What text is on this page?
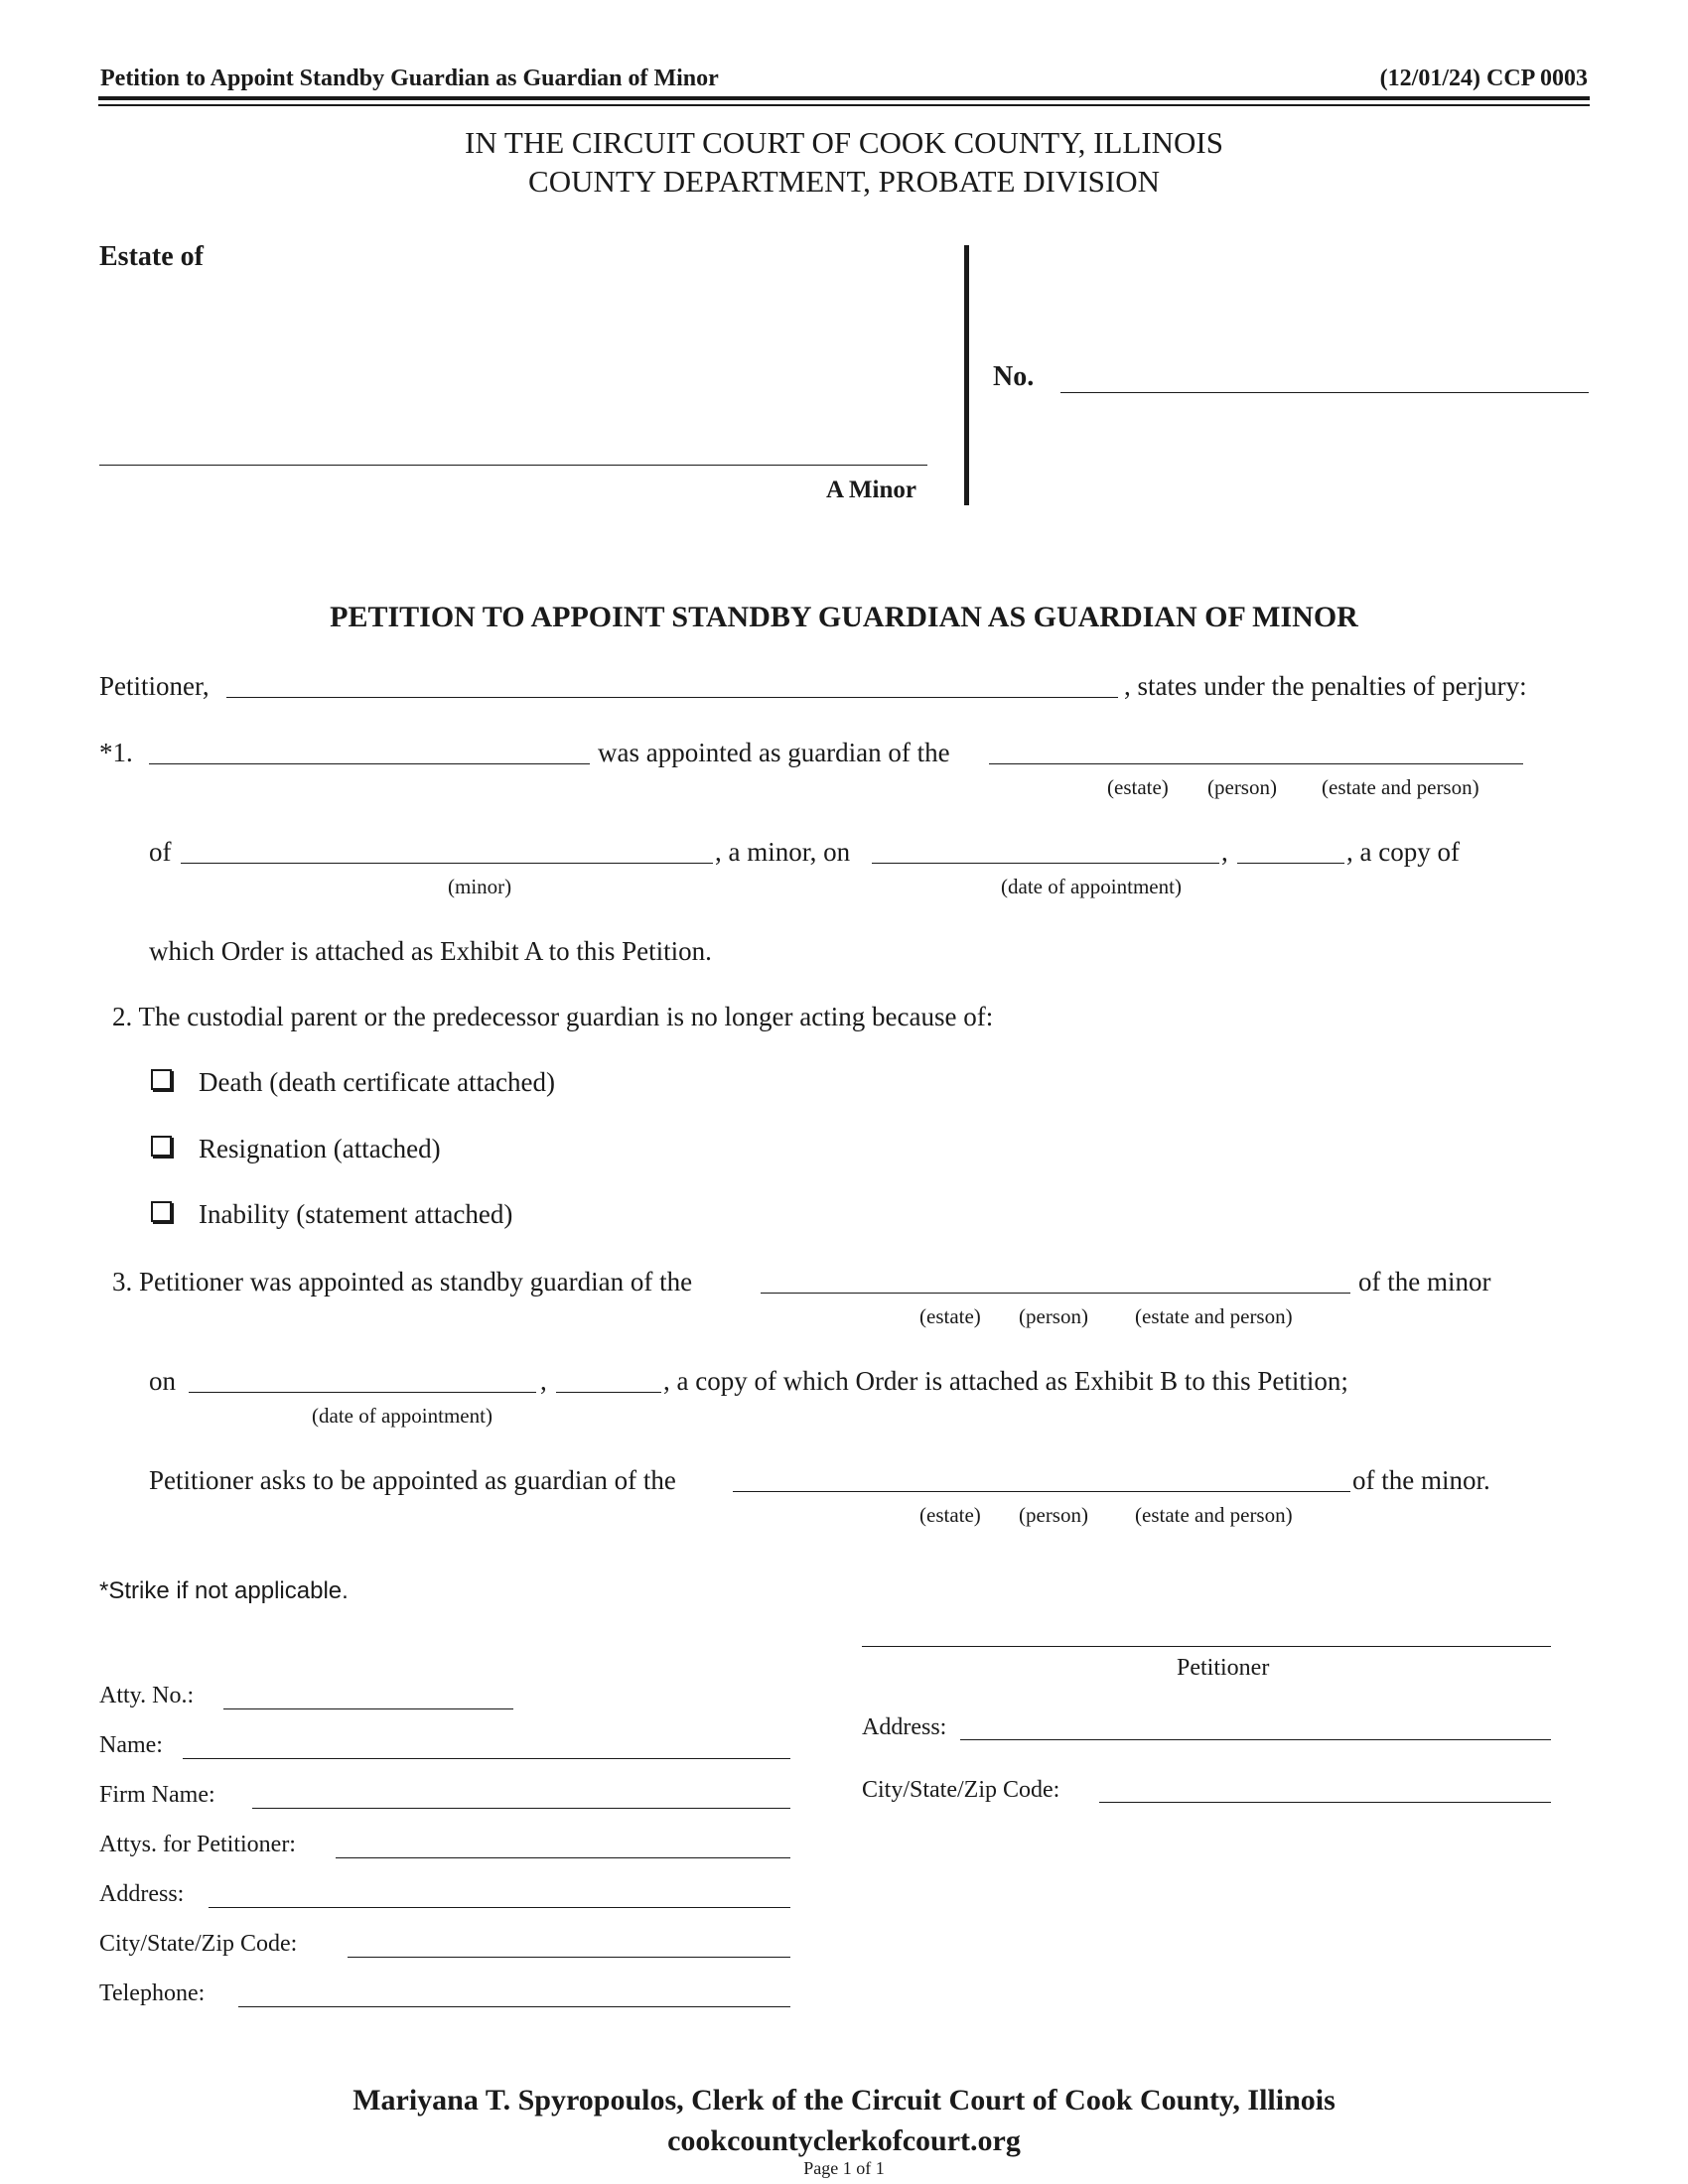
Petition to Appoint Standby Guardian as Guardian of Minor	(12/01/24) CCP 0003
IN THE CIRCUIT COURT OF COOK COUNTY, ILLINOIS
COUNTY DEPARTMENT, PROBATE DIVISION
Estate of
A Minor
No.
PETITION TO APPOINT STANDBY GUARDIAN AS GUARDIAN OF MINOR
Petitioner,	, states under the penalties of perjury:
*1.	was appointed as guardian of the
(estate) (person) (estate and person)
of
(minor)
, a minor, on
(date of appointment)
,	, a copy of
which Order is attached as Exhibit A to this Petition.
2. The custodial parent or the predecessor guardian is no longer acting because of:
Death (death certificate attached)
Resignation (attached)
Inability (statement attached)
3. Petitioner was appointed as standby guardian of the	of the minor
(estate) (person) (estate and person)
on
(date of appointment)
,	, a copy of which Order is attached as Exhibit B to this Petition;
Petitioner asks to be appointed as guardian of the	of the minor.
(estate) (person) (estate and person)
*Strike if not applicable.
Petitioner
Address:
City/State/Zip Code:
Atty. No.:
Name:
Firm Name:
Attys. for Petitioner:
Address:
City/State/Zip Code:
Telephone:
Mariyana T. Spyropoulos, Clerk of the Circuit Court of Cook County, Illinois
cookcountyclerkofcourt.org
Page 1 of 1
